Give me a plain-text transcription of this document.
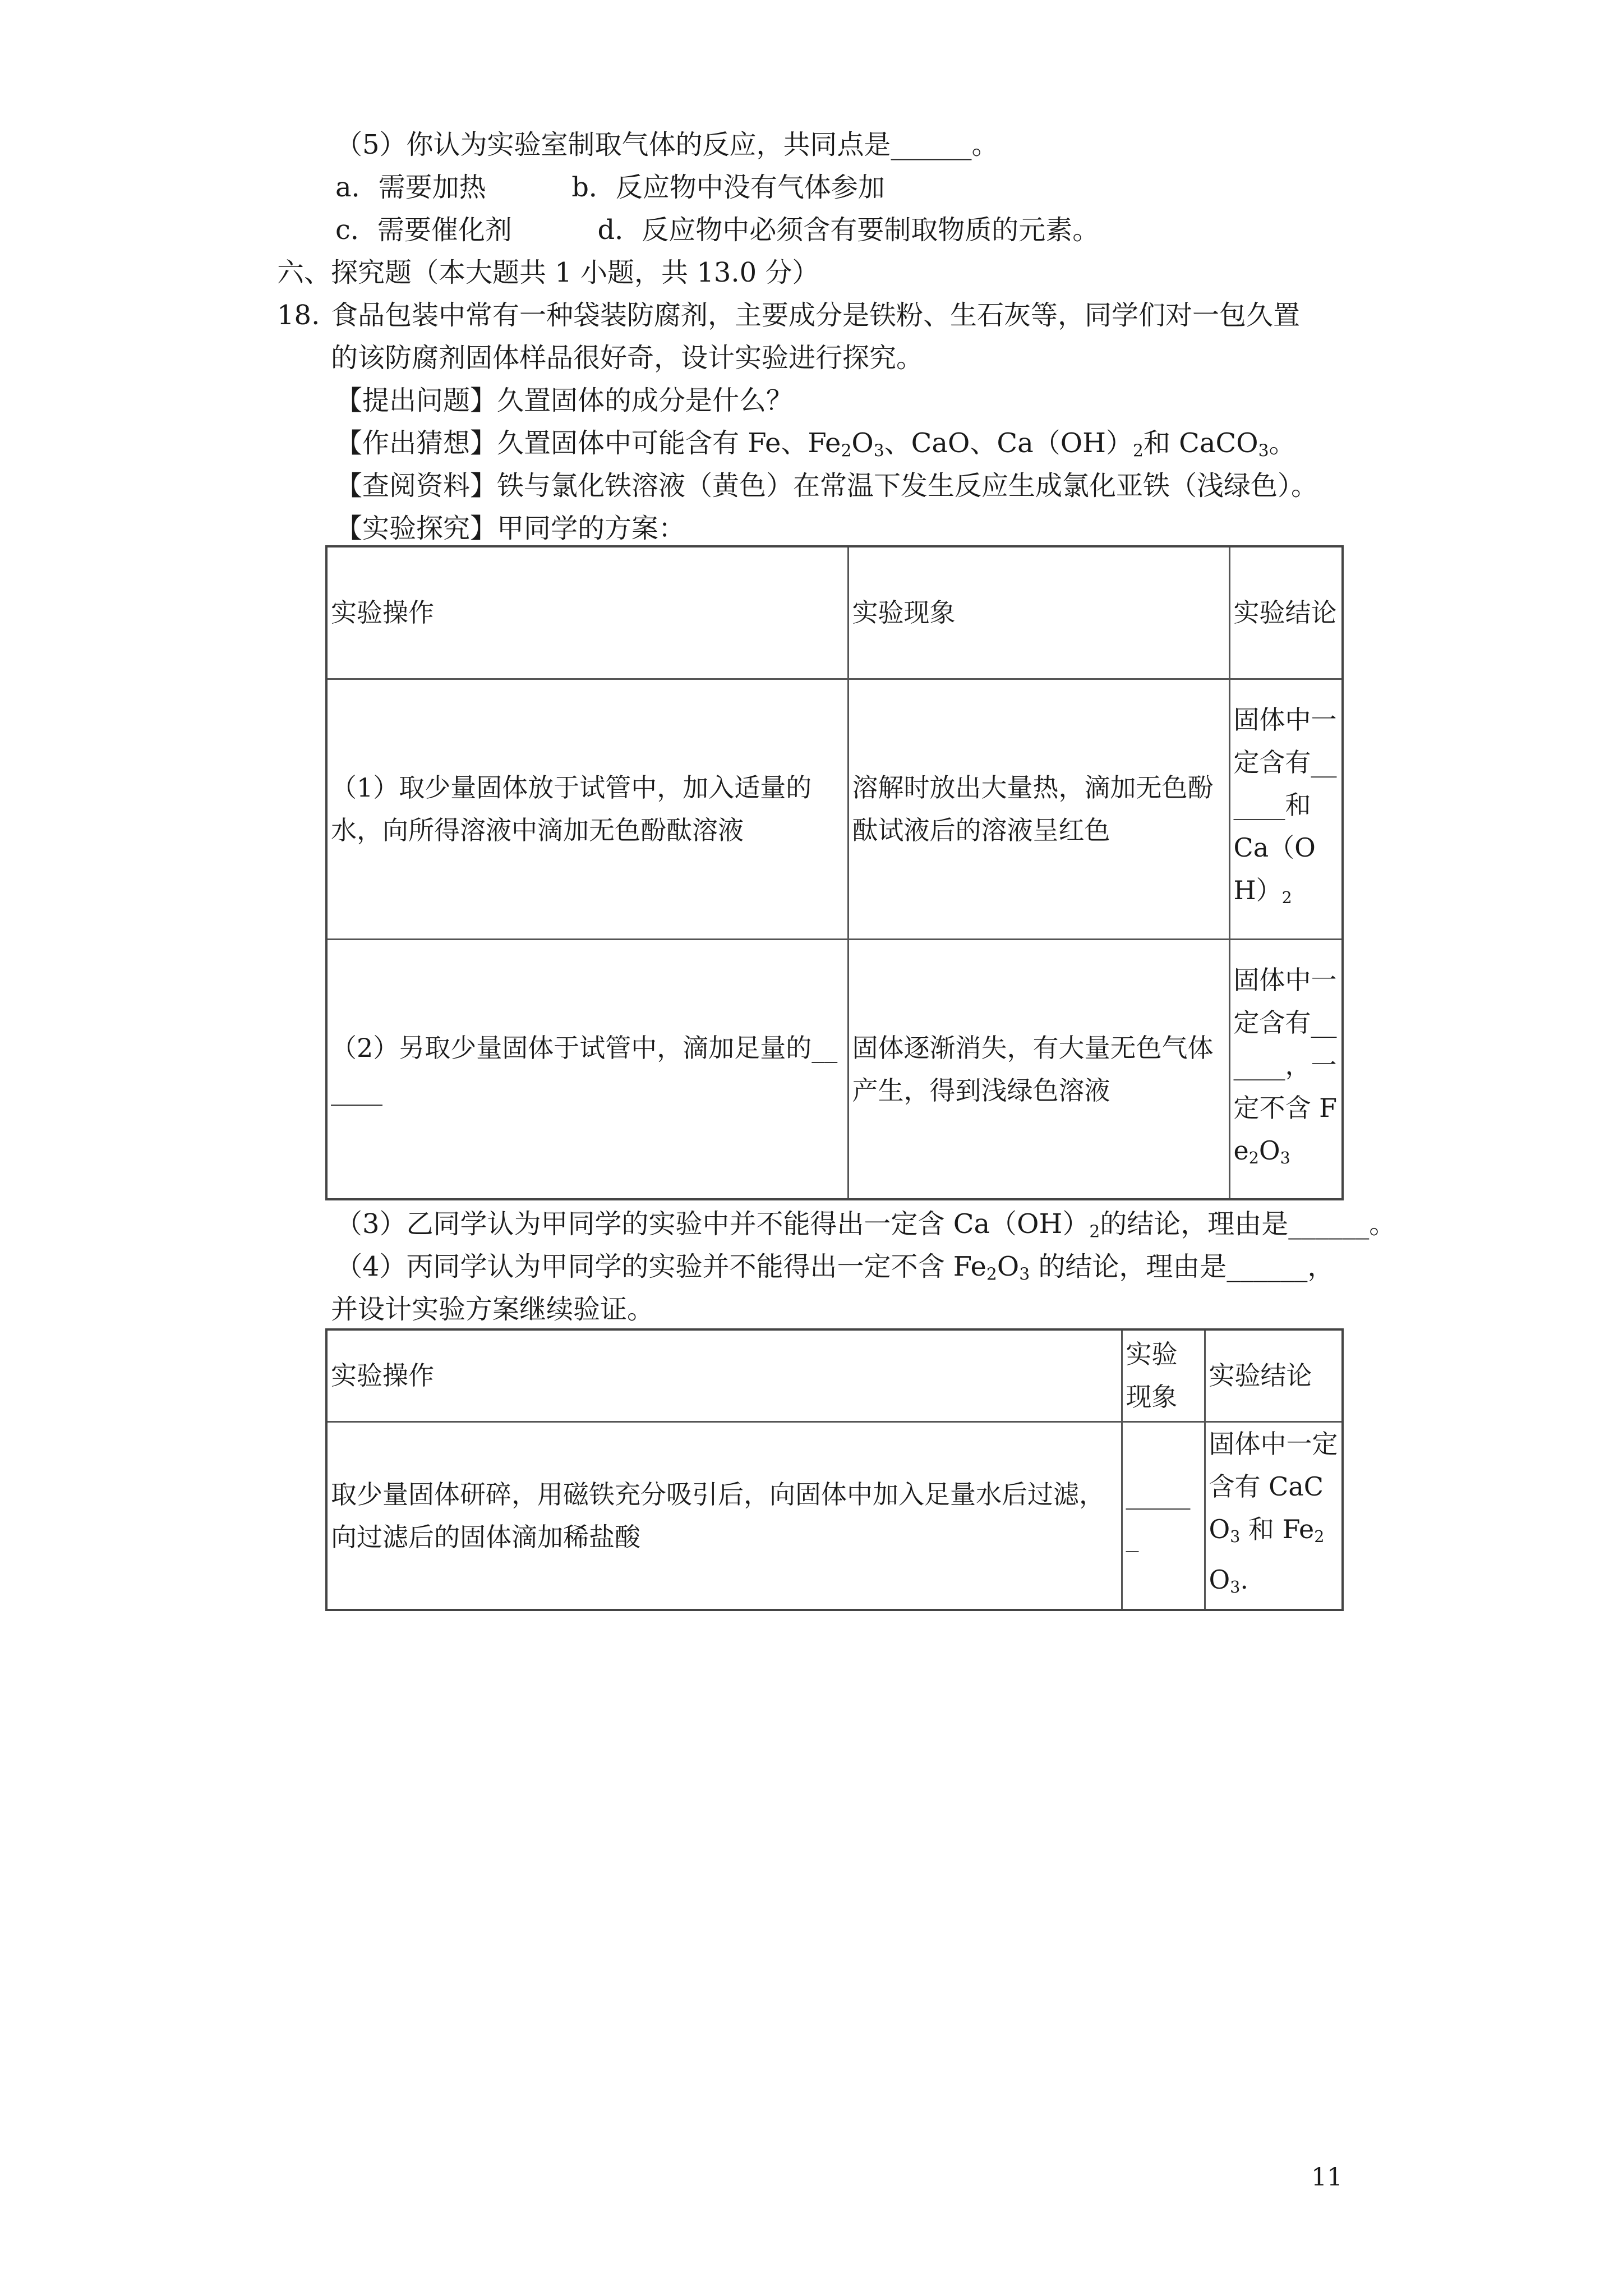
（5）你认为实验室制取气体的反应，共同点是______。
a．需要加热          b．反应物中没有气体参加
c．需要催化剂          d．反应物中必须含有要制取物质的元素。
六、探究题（本大题共 1 小题，共 13.0 分）
18. 食品包装中常有一种袋装防腐剂，主要成分是铁粉、生石灰等，同学们对一包久置
的该防腐剂固体样品很好奇，设计实验进行探究。
【提出问题】久置固体的成分是什么？
【作出猜想】久置固体中可能含有 Fe、$Fe_2O_3$、CaO、$Ca(OH)_2$和 CaCO$_3$。
【查阅资料】铁与氯化铁溶液（黄色）在常温下发生反应生成氯化亚铁（浅绿色）。
【实验探究】甲同学的方案：
实验操作	实验现象	实验结论
（1）取少量固体放于试管中，加入适量的水，向所得溶液中滴加无色酚酞溶液	溶解时放出大量热，滴加无色酚酞试液后的溶液呈红色	固体中一定含有______和 $Ca(OH)_2$
（2）另取少量固体于试管中，滴加足量的______	固体逐渐消失，有大量无色气体产生，得到浅绿色溶液	固体中一定含有______，一定不含 $Fe_2O_3$
（3）乙同学认为甲同学的实验中并不能得出一定含 $Ca(OH)_2$的结论，理由是______。
（4）丙同学认为甲同学的实验并不能得出一定不含 $Fe_2O_3$ 的结论，理由是______，
并设计实验方案继续验证。
实验操作	实验现象	实验结论
取少量固体研碎，用磁铁充分吸引后，向固体中加入足量水后过滤，向过滤后的固体滴加稀盐酸	______	固体中一定含有 CaCO$_3$ 和 $Fe_2O_3$.
11
